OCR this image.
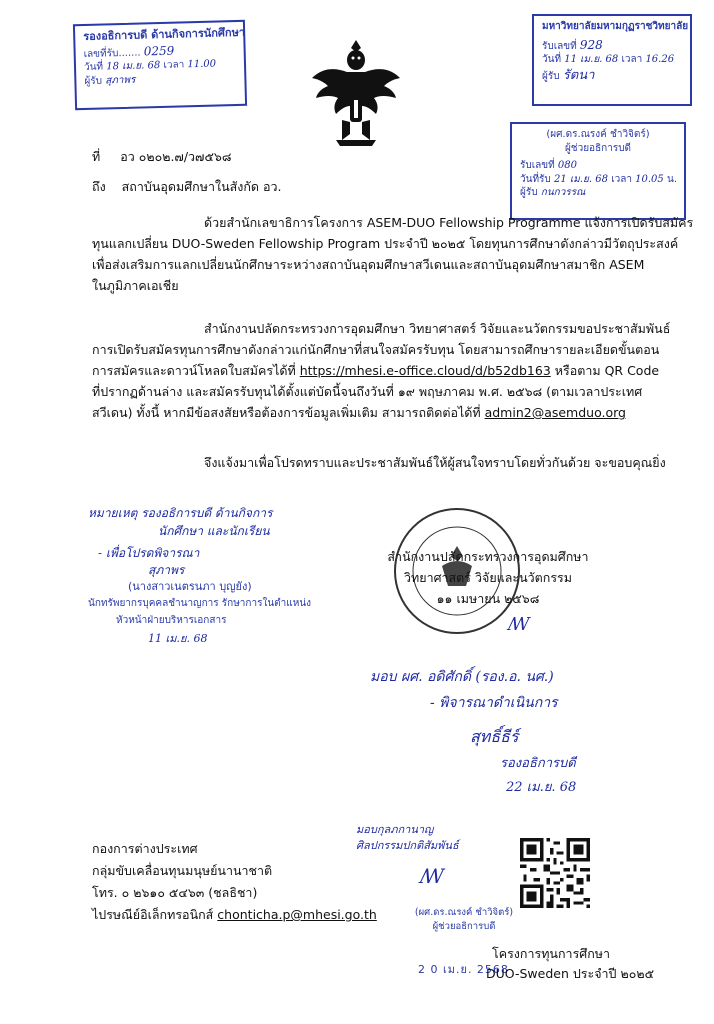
รองอธิการบดี ด้านกิจการนักศึกษา
เลขที่รับ....... 0259
วันที่ 18 เม.ย. 68 เวลา 11.00
ผู้รับ สุภาพร
มหาวิทยาลัยมหามกุฏราชวิทยาลัย
รับเลขที่ 928
วันที่ 11 เม.ย. 68 เวลา 16.26
ผู้รับ รัตนา
(ผศ.ดร.ณรงค์ ชำวิจิตร์)
ผู้ช่วยอธิการบดี
รับเลขที่ 080
วันที่รับ 21 เม.ย. 68 เวลา 10.05 น.
ผู้รับ กนกวรรณ
ที่ อว ๐๒๐๒.๗/ว๗๕๖๘
ถึง สถาบันอุดมศึกษาในสังกัด อว.
ด้วยสำนักเลขาธิการโครงการ ASEM-DUO Fellowship Programme แจ้งการเปิดรับสมัคร
ทุนแลกเปลี่ยน DUO-Sweden Fellowship Program ประจำปี ๒๐๒๕ โดยทุนการศึกษาดังกล่าวมีวัตถุประสงค์
เพื่อส่งเสริมการแลกเปลี่ยนนักศึกษาระหว่างสถาบันอุดมศึกษาสวีเดนและสถาบันอุดมศึกษาสมาชิก ASEM
ในภูมิภาคเอเชีย
สำนักงานปลัดกระทรวงการอุดมศึกษา วิทยาศาสตร์ วิจัยและนวัตกรรมขอประชาสัมพันธ์
การเปิดรับสมัครทุนการศึกษาดังกล่าวแก่นักศึกษาที่สนใจสมัครรับทุน โดยสามารถศึกษารายละเอียดขั้นตอน
การสมัครและดาวน์โหลดใบสมัครได้ที่ https://mhesi.e-office.cloud/d/b52db163 หรือตาม QR Code
ที่ปรากฏด้านล่าง และสมัครรับทุนได้ตั้งแต่บัดนี้จนถึงวันที่ ๑๙ พฤษภาคม พ.ศ. ๒๕๖๘ (ตามเวลาประเทศ
สวีเดน) ทั้งนี้ หากมีข้อสงสัยหรือต้องการข้อมูลเพิ่มเติม สามารถติดต่อได้ที่ admin2@asemduo.org
จึงแจ้งมาเพื่อโปรดทราบและประชาสัมพันธ์ให้ผู้สนใจทราบโดยทั่วกันด้วย จะขอบคุณยิ่ง
หมายเหตุ รองอธิการบดี ด้านกิจการ
นักศึกษา และนักเรียน
- เพื่อโปรดพิจารณา
สุภาพร
(นางสาวเนตรนภา บุญยัง)
นักทรัพยากรบุคคลชำนาญการ รักษาการในตำแหน่ง
หัวหน้าฝ่ายบริหารเอกสาร
11 เม.ย. 68
สำนักงานปลัดกระทรวงการอุดมศึกษา
วิทยาศาสตร์ วิจัยและนวัตกรรม
๑๑ เมษายน ๒๕๖๘
ꟿ
มอบ ผศ. อดิศักดิ์ (รอง.อ. นศ.)
- พิจารณาดำเนินการ
สุทธิ์ธีร์
รองอธิการบดี
22 เม.ย. 68
กองการต่างประเทศ
กลุ่มขับเคลื่อนทุนมนุษย์นานาชาติ
โทร. ๐ ๒๖๑๐ ๕๔๖๓ (ชลธิชา)
ไปรษณีย์อิเล็กทรอนิกส์ chonticha.p@mhesi.go.th
มอบกุลภกานาญ
ศิลปกรรมปกติสัมพันธ์
ꟿ
(ผศ.ดร.ณรงค์ ชำวิจิตร์)
ผู้ช่วยอธิการบดี
2 0 เม.ย. 2568
โครงการทุนการศึกษา
DUO-Sweden ประจำปี ๒๐๒๕
